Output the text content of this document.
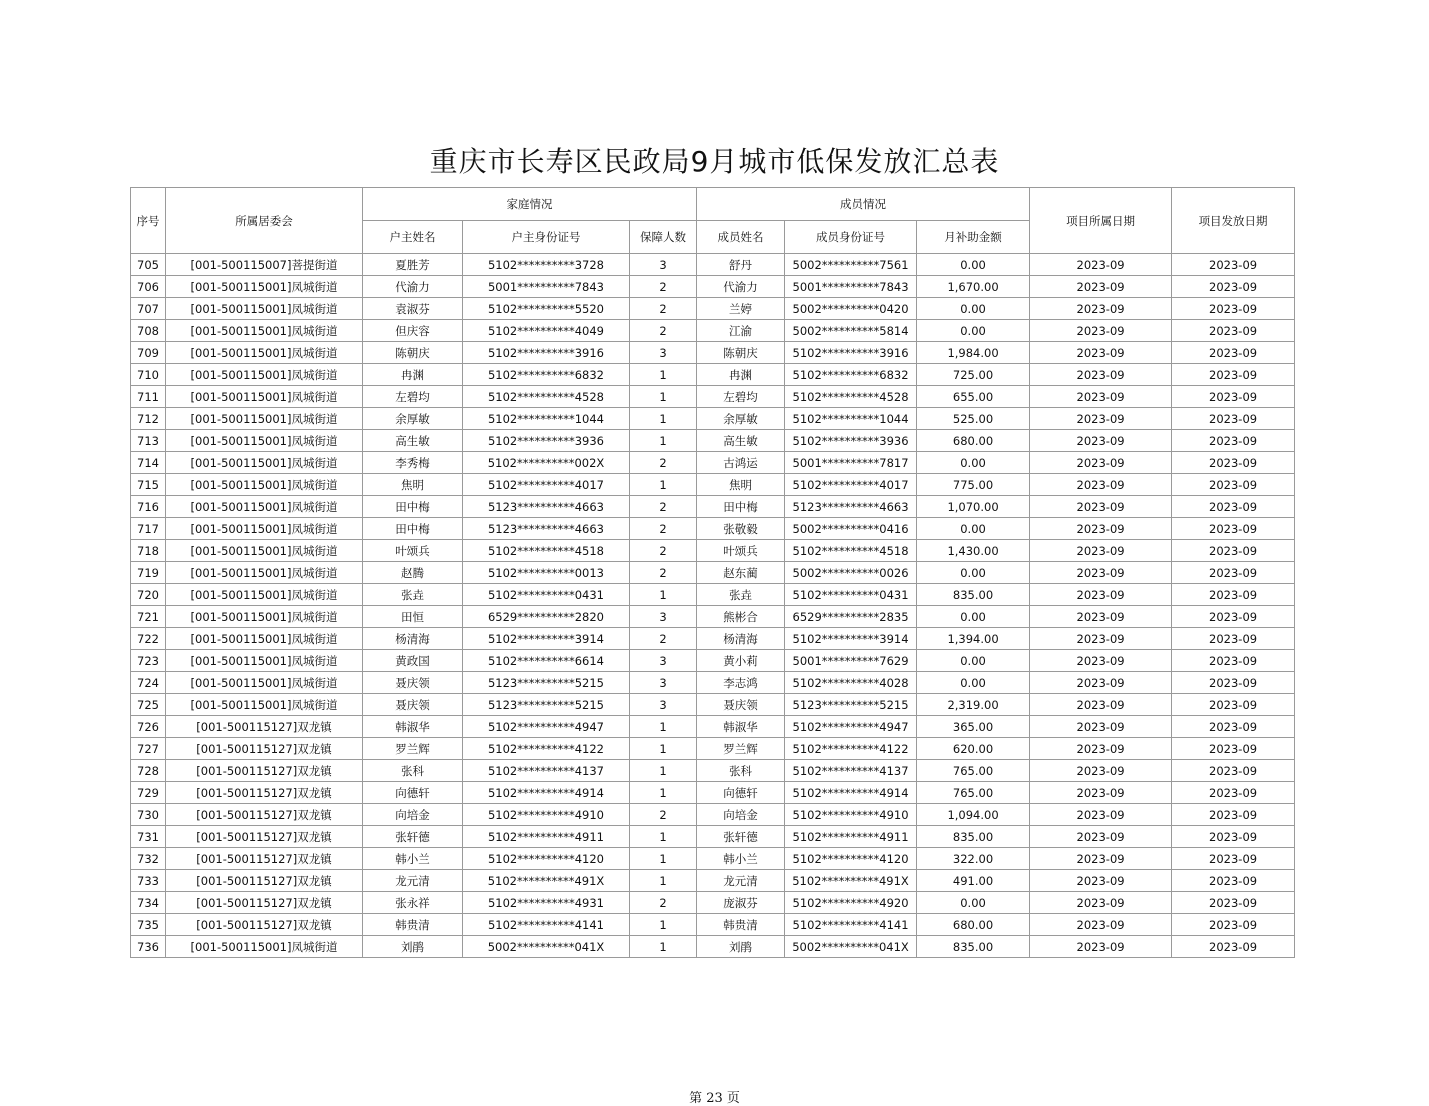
重庆市长寿区民政局9月城市低保发放汇总表
序号	所属居委会	家庭情况			成员情况			项目所属日期	项目发放日期
		户主姓名	户主身份证号	保障人数	成员姓名	成员身份证号	月补助金额		
705	[001-500115007]菩提街道	夏胜芳	5102**********3728	3	舒丹	5002**********7561	0.00	2023-09	2023-09
706	[001-500115001]凤城街道	代渝力	5001**********7843	2	代渝力	5001**********7843	1,670.00	2023-09	2023-09
707	[001-500115001]凤城街道	袁淑芬	5102**********5520	2	兰婷	5002**********0420	0.00	2023-09	2023-09
708	[001-500115001]凤城街道	但庆容	5102**********4049	2	江渝	5002**********5814	0.00	2023-09	2023-09
709	[001-500115001]凤城街道	陈朝庆	5102**********3916	3	陈朝庆	5102**********3916	1,984.00	2023-09	2023-09
710	[001-500115001]凤城街道	冉渊	5102**********6832	1	冉渊	5102**********6832	725.00	2023-09	2023-09
711	[001-500115001]凤城街道	左碧均	5102**********4528	1	左碧均	5102**********4528	655.00	2023-09	2023-09
712	[001-500115001]凤城街道	余厚敏	5102**********1044	1	余厚敏	5102**********1044	525.00	2023-09	2023-09
713	[001-500115001]凤城街道	高生敏	5102**********3936	1	高生敏	5102**********3936	680.00	2023-09	2023-09
714	[001-500115001]凤城街道	李秀梅	5102**********002X	2	古鸿运	5001**********7817	0.00	2023-09	2023-09
715	[001-500115001]凤城街道	焦明	5102**********4017	1	焦明	5102**********4017	775.00	2023-09	2023-09
716	[001-500115001]凤城街道	田中梅	5123**********4663	2	田中梅	5123**********4663	1,070.00	2023-09	2023-09
717	[001-500115001]凤城街道	田中梅	5123**********4663	2	张敬毅	5002**********0416	0.00	2023-09	2023-09
718	[001-500115001]凤城街道	叶颂兵	5102**********4518	2	叶颂兵	5102**********4518	1,430.00	2023-09	2023-09
719	[001-500115001]凤城街道	赵腾	5102**********0013	2	赵东蔺	5002**********0026	0.00	2023-09	2023-09
720	[001-500115001]凤城街道	张垚	5102**********0431	1	张垚	5102**********0431	835.00	2023-09	2023-09
721	[001-500115001]凤城街道	田恒	6529**********2820	3	熊彬合	6529**********2835	0.00	2023-09	2023-09
722	[001-500115001]凤城街道	杨清海	5102**********3914	2	杨清海	5102**********3914	1,394.00	2023-09	2023-09
723	[001-500115001]凤城街道	黄政国	5102**********6614	3	黄小莉	5001**********7629	0.00	2023-09	2023-09
724	[001-500115001]凤城街道	聂庆领	5123**********5215	3	李志鸿	5102**********4028	0.00	2023-09	2023-09
725	[001-500115001]凤城街道	聂庆领	5123**********5215	3	聂庆领	5123**********5215	2,319.00	2023-09	2023-09
726	[001-500115127]双龙镇	韩淑华	5102**********4947	1	韩淑华	5102**********4947	365.00	2023-09	2023-09
727	[001-500115127]双龙镇	罗兰辉	5102**********4122	1	罗兰辉	5102**********4122	620.00	2023-09	2023-09
728	[001-500115127]双龙镇	张科	5102**********4137	1	张科	5102**********4137	765.00	2023-09	2023-09
729	[001-500115127]双龙镇	向德轩	5102**********4914	1	向德轩	5102**********4914	765.00	2023-09	2023-09
730	[001-500115127]双龙镇	向培金	5102**********4910	2	向培金	5102**********4910	1,094.00	2023-09	2023-09
731	[001-500115127]双龙镇	张轩德	5102**********4911	1	张轩德	5102**********4911	835.00	2023-09	2023-09
732	[001-500115127]双龙镇	韩小兰	5102**********4120	1	韩小兰	5102**********4120	322.00	2023-09	2023-09
733	[001-500115127]双龙镇	龙元清	5102**********491X	1	龙元清	5102**********491X	491.00	2023-09	2023-09
734	[001-500115127]双龙镇	张永祥	5102**********4931	2	庞淑芬	5102**********4920	0.00	2023-09	2023-09
735	[001-500115127]双龙镇	韩贵清	5102**********4141	1	韩贵清	5102**********4141	680.00	2023-09	2023-09
736	[001-500115001]凤城街道	刘鹃	5002**********041X	1	刘鹃	5002**********041X	835.00	2023-09	2023-09
第 23 页
